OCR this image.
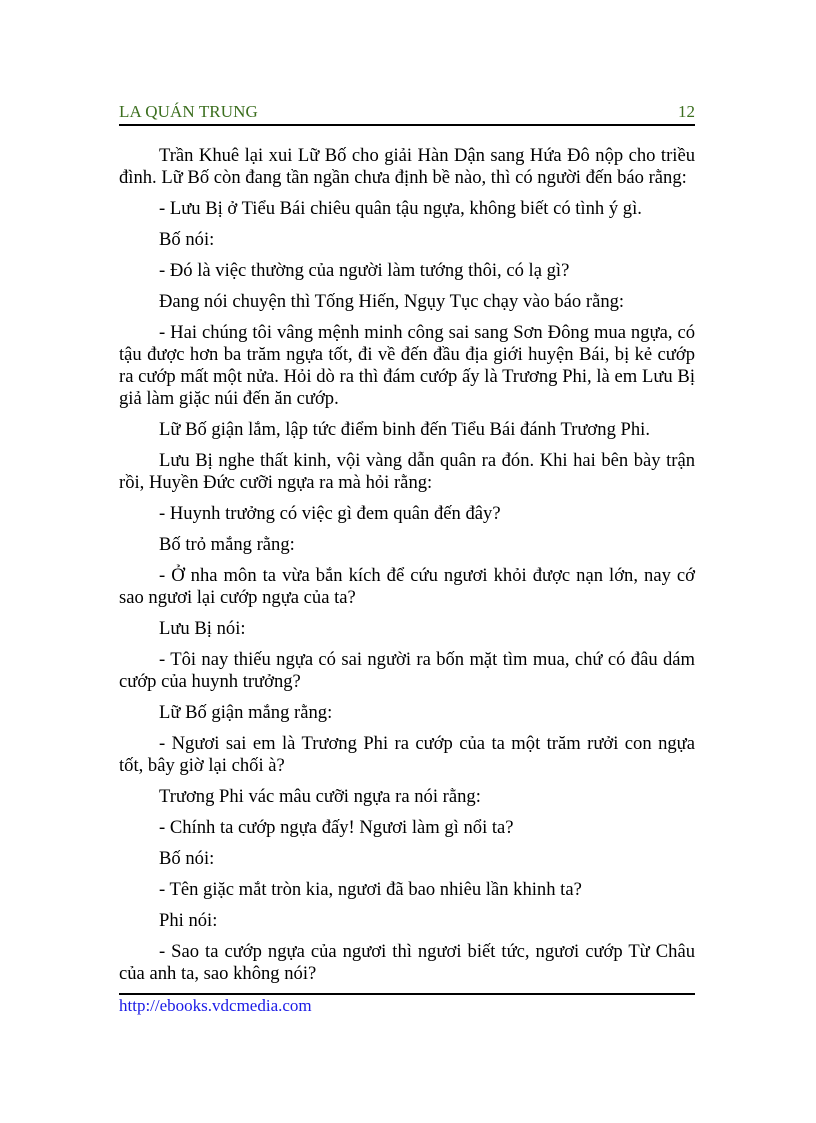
LA QUÁN TRUNG	12

Trần Khuê lại xui Lữ Bố cho giải Hàn Dận sang Hứa Đô nộp cho triều đình. Lữ Bố còn đang tần ngần chưa định bề nào, thì có người đến báo rằng:

- Lưu Bị ở Tiểu Bái chiêu quân tậu ngựa, không biết có tình ý gì.

Bố nói:

- Đó là việc thường của người làm tướng thôi, có lạ gì?

Đang nói chuyện thì Tống Hiến, Ngụy Tục chạy vào báo rằng:

- Hai chúng tôi vâng mệnh minh công sai sang Sơn Đông mua ngựa, có tậu được hơn ba trăm ngựa tốt, đi về đến đầu địa giới huyện Bái, bị kẻ cướp ra cướp mất một nửa. Hỏi dò ra thì đám cướp ấy là Trương Phi, là em Lưu Bị giả làm giặc núi đến ăn cướp.

Lữ Bố giận lắm, lập tức điểm binh đến Tiểu Bái đánh Trương Phi.

Lưu Bị nghe thất kinh, vội vàng dẫn quân ra đón. Khi hai bên bày trận rồi, Huyền Đức cưỡi ngựa ra mà hỏi rằng:

- Huynh trưởng có việc gì đem quân đến đây?

Bố trỏ mắng rằng:

- Ở nha môn ta vừa bắn kích để cứu ngươi khỏi được nạn lớn, nay cớ sao ngươi lại cướp ngựa của ta?

Lưu Bị nói:

- Tôi nay thiếu ngựa có sai người ra bốn mặt tìm mua, chứ có đâu dám cướp của huynh trưởng?

Lữ Bố giận mắng rằng:

- Ngươi sai em là Trương Phi ra cướp của ta một trăm rưởi con ngựa tốt, bây giờ lại chối à?

Trương Phi vác mâu cưỡi ngựa ra nói rằng:

- Chính ta cướp ngựa đấy! Ngươi làm gì nổi ta?

Bố nói:

- Tên giặc mắt tròn kia, ngươi đã bao nhiêu lần khinh ta?

Phi nói:

- Sao ta cướp ngựa của ngươi thì ngươi biết tức, ngươi cướp Từ Châu của anh ta, sao không nói?

http://ebooks.vdcmedia.com
